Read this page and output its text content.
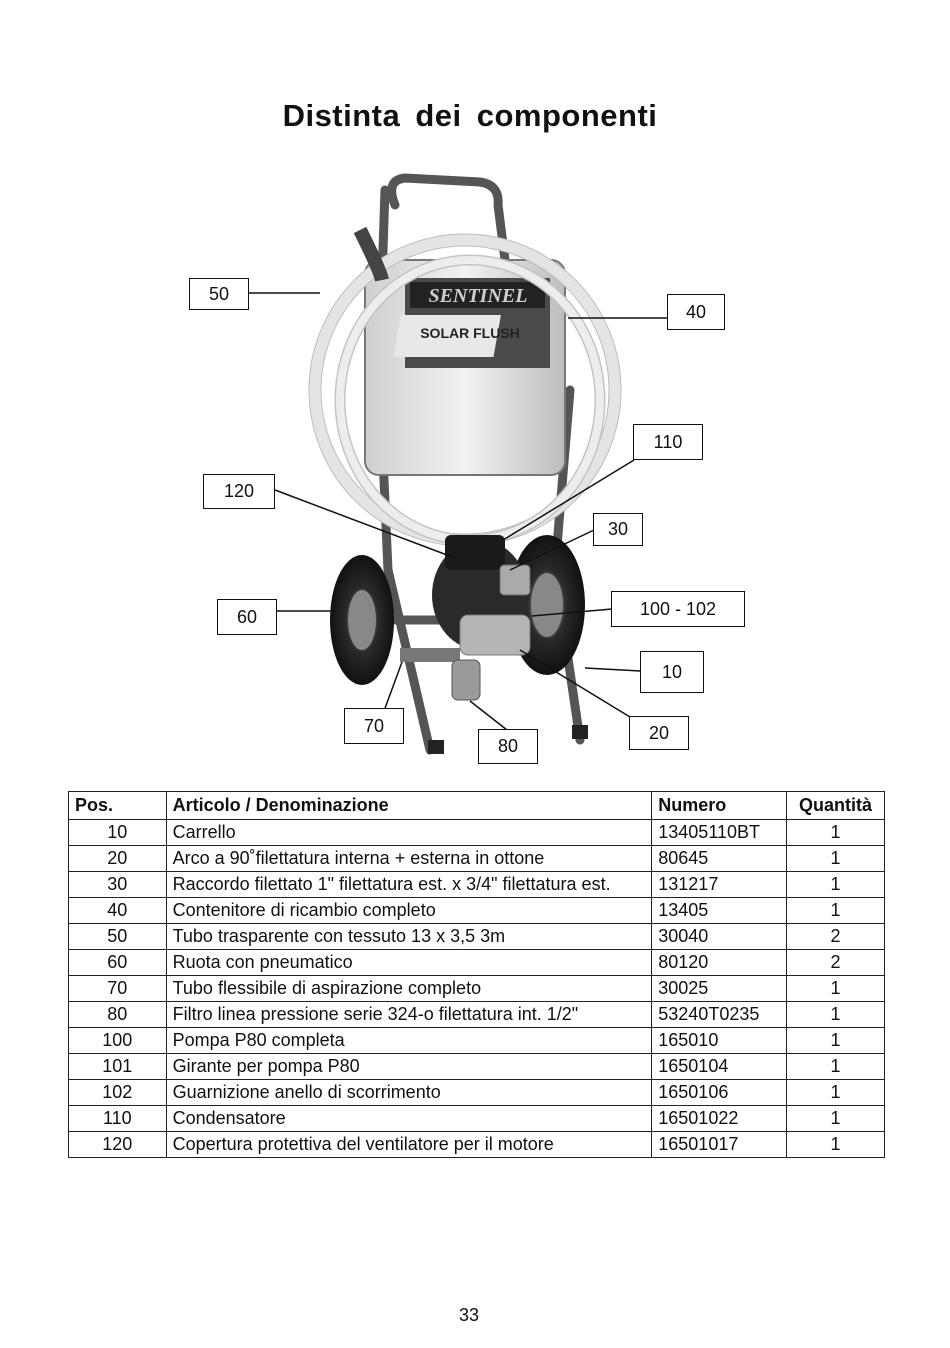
Distinta dei componenti
SENTINEL
SOLAR FLUSH
50
40
110
120
30
60	100 - 102
10
70	20
80
Pos.	Articolo / Denominazione	Numero	Quantità
10	Carrello	13405110BT	1
20	Arco a 90˚filettatura interna + esterna in ottone	80645	1
30	Raccordo filettato 1" filettatura est. x 3/4" filettatura est.	131217	1
40	Contenitore di ricambio completo	13405	1
50	Tubo trasparente con tessuto 13 x 3,5 3m	30040	2
60	Ruota con pneumatico	80120	2
70	Tubo flessibile di aspirazione completo	30025	1
80	Filtro linea pressione serie 324-o filettatura int. 1/2"	53240T0235	1
100	Pompa P80 completa	165010	1
101	Girante per pompa P80	1650104	1
102	Guarnizione anello di scorrimento	1650106	1
110	Condensatore	16501022	1
120	Copertura protettiva del ventilatore per il motore	16501017	1
33
